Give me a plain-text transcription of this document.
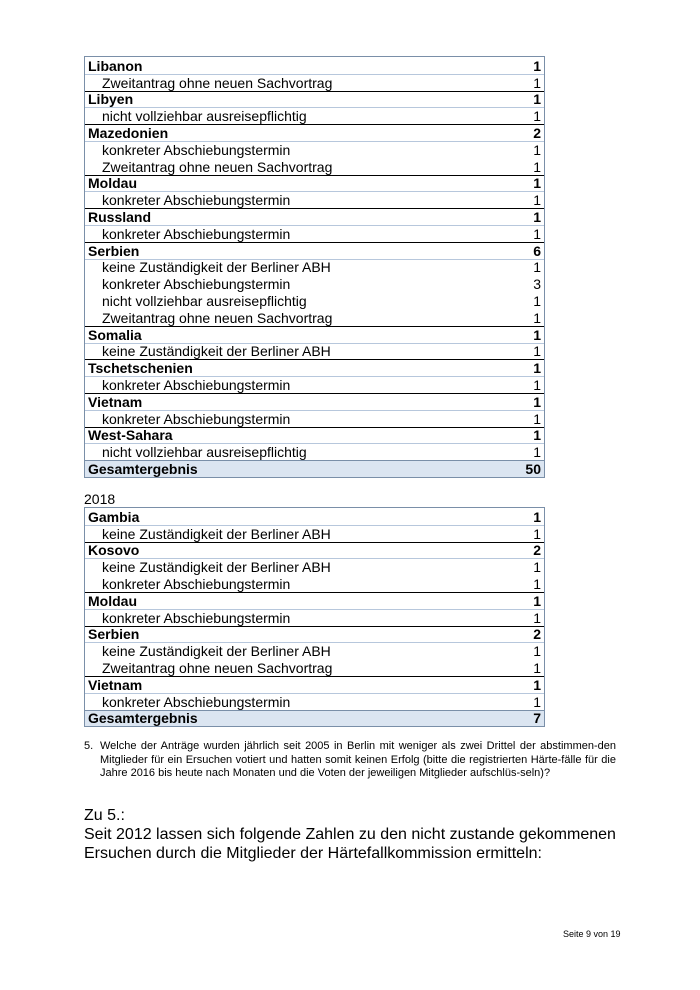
Libanon	1
Zweitantrag ohne neuen Sachvortrag	1
Libyen	1
nicht vollziehbar ausreisepflichtig	1
Mazedonien	2
konkreter Abschiebungstermin	1
Zweitantrag ohne neuen Sachvortrag	1
Moldau	1
konkreter Abschiebungstermin	1
Russland	1
konkreter Abschiebungstermin	1
Serbien	6
keine Zuständigkeit der Berliner ABH	1
konkreter Abschiebungstermin	3
nicht vollziehbar ausreisepflichtig	1
Zweitantrag ohne neuen Sachvortrag	1
Somalia	1
keine Zuständigkeit der Berliner ABH	1
Tschetschenien	1
konkreter Abschiebungstermin	1
Vietnam	1
konkreter Abschiebungstermin	1
West-Sahara	1
nicht vollziehbar ausreisepflichtig	1
Gesamtergebnis	50
2018
Gambia	1
keine Zuständigkeit der Berliner ABH	1
Kosovo	2
keine Zuständigkeit der Berliner ABH	1
konkreter Abschiebungstermin	1
Moldau	1
konkreter Abschiebungstermin	1
Serbien	2
keine Zuständigkeit der Berliner ABH	1
Zweitantrag ohne neuen Sachvortrag	1
Vietnam	1
konkreter Abschiebungstermin	1
Gesamtergebnis	7
5. Welche der Anträge wurden jährlich seit 2005 in Berlin mit weniger als zwei Drittel der abstimmen-den Mitglieder für ein Ersuchen votiert und hatten somit keinen Erfolg (bitte die registrierten Härte-fälle für die Jahre 2016 bis heute nach Monaten und die Voten der jeweiligen Mitglieder aufschlüs-seln)?
Zu 5.:
Seit 2012 lassen sich folgende Zahlen zu den nicht zustande gekommenen Ersuchen durch die Mitglieder der Härtefallkommission ermitteln:
Seite 9 von 19
